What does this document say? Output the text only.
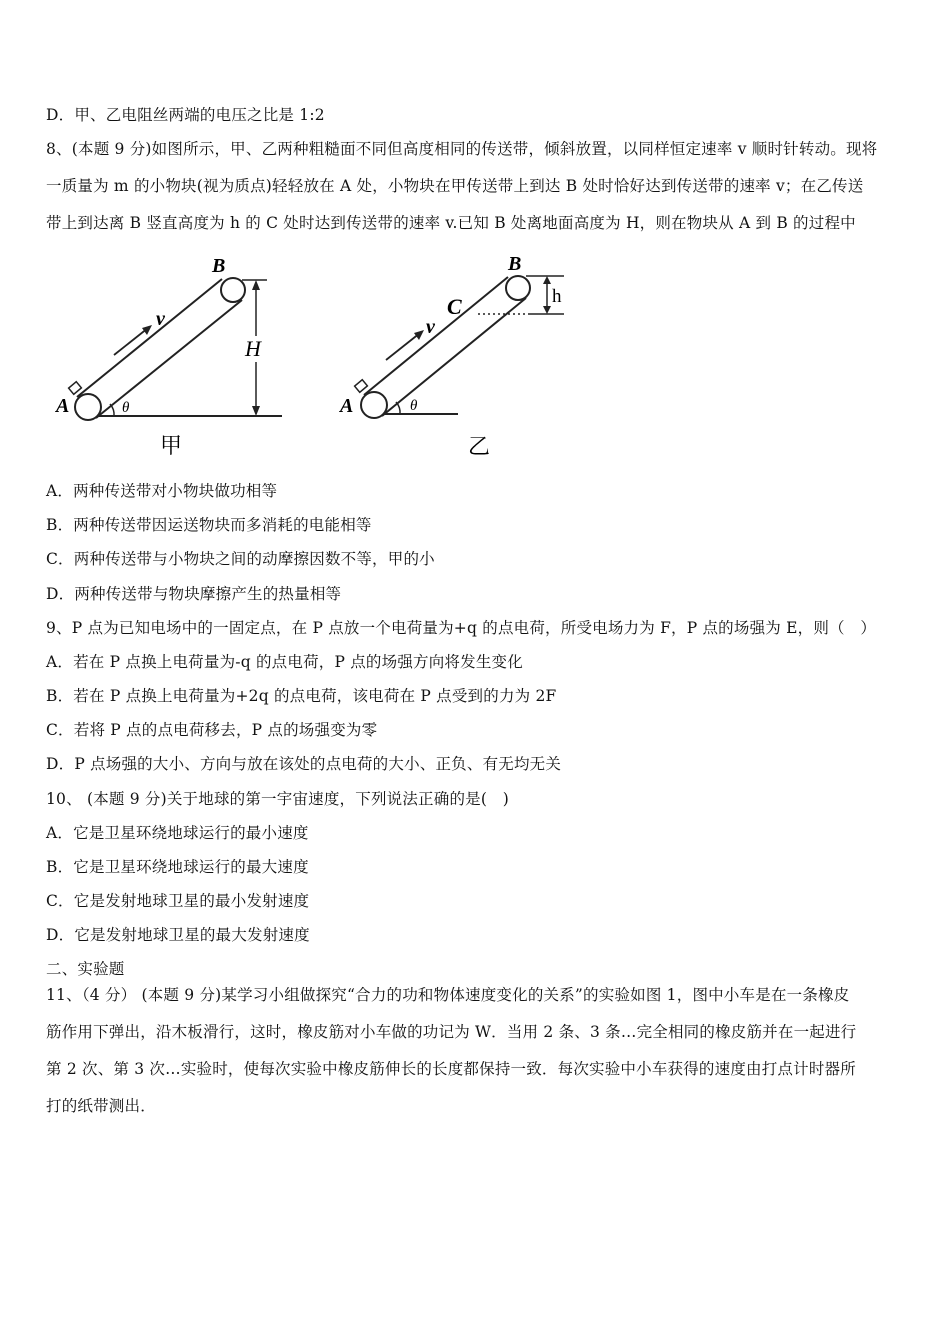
D．甲、乙电阻丝两端的电压之比是 1:2
8、(本题 9 分)如图所示，甲、乙两种粗糙面不同但高度相同的传送带，倾斜放置，以同样恒定速率 v 顺时针转动。现将
一质量为 m 的小物块(视为质点)轻轻放在 A 处，小物块在甲传送带上到达 B 处时恰好达到传送带的速率 v；在乙传送
带上到达离 B 竖直高度为 h 的 C 处时达到传送带的速率 v.已知 B 处离地面高度为 H，则在物块从 A 到 B 的过程中
A
B
v
H
θ
甲
A
B
C
v
h
θ
乙
A．两种传送带对小物块做功相等
B．两种传送带因运送物块而多消耗的电能相等
C．两种传送带与小物块之间的动摩擦因数不等，甲的小
D．两种传送带与物块摩擦产生的热量相等
9、P 点为已知电场中的一固定点，在 P 点放一个电荷量为+q 的点电荷，所受电场力为 F，P 点的场强为 E，则（　）
A．若在 P 点换上电荷量为-q 的点电荷，P 点的场强方向将发生变化
B．若在 P 点换上电荷量为+2q 的点电荷，该电荷在 P 点受到的力为 2F
C．若将 P 点的点电荷移去，P 点的场强变为零
D．P 点场强的大小、方向与放在该处的点电荷的大小、正负、有无均无关
10、 (本题 9 分)关于地球的第一宇宙速度，下列说法正确的是(　)
A．它是卫星环绕地球运行的最小速度
B．它是卫星环绕地球运行的最大速度
C．它是发射地球卫星的最小发射速度
D．它是发射地球卫星的最大发射速度
二、实验题
11、（4 分） (本题 9 分)某学习小组做探究“合力的功和物体速度变化的关系”的实验如图 1，图中小车是在一条橡皮
筋作用下弹出，沿木板滑行，这时，橡皮筋对小车做的功记为 W．当用 2 条、3 条…完全相同的橡皮筋并在一起进行
第 2 次、第 3 次…实验时，使每次实验中橡皮筋伸长的长度都保持一致．每次实验中小车获得的速度由打点计时器所
打的纸带测出．
